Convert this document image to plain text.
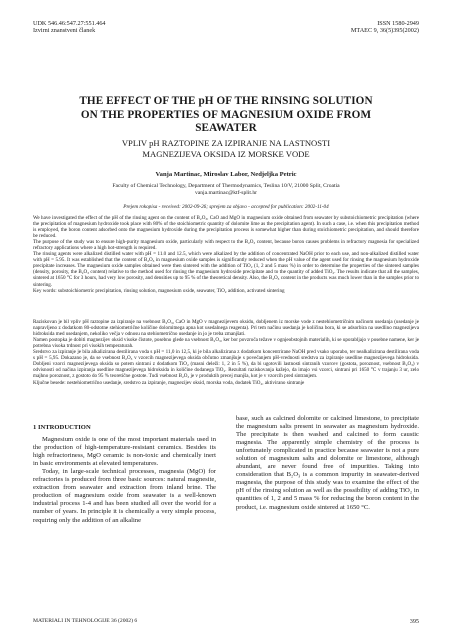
UDK 546.46:547.27:551.464
Izvirni znanstveni članek
ISSN 1580-2949
MTAEC 9, 36(5)395(2002)
THE EFFECT OF THE pH OF THE RINSING SOLUTION
ON THE PROPERTIES OF MAGNESIUM OXIDE FROM
SEAWATER
VPLIV pH RAZTOPINE ZA IZPIRANJE NA LASTNOSTI
MAGNEZIJEVA OKSIDA IZ MORSKE VODE
Vanja Martinac, Miroslav Labor, Nedjeljka Petric
Faculty of Chemical Technology, Department of Thermodynamics, Teslina 10/V, 21000 Split, Croatia
vanja.martinac@ktf-split.hr
Prejem rokopisa - received: 2002-09-26; sprejem za objavo - accepted for publication: 2002-11-04

We have investigated the effect of the pH of the rinsing agent on the content of B₂O₃, CaO and MgO in magnesium oxide obtained from seawater by substoichiometric precipitation (where the precipitation of magnesium hydroxide took place with 80% of the stoichiometric quantity of dolomite lime as the precipitation agent). In such a case, i.e. when this precipitation method is employed, the boron content adsorbed onto the magnesium hydroxide during the precipitation process is somewhat higher than during stoichiometric precipitation, and should therefore be reduced.

The purpose of the study was to ensure high-purity magnesium oxide, particularly with respect to the B₂O₃ content, because boron causes problems in refractory magnesia for specialized refractory applications where a high hot-strength is required.

The rinsing agents were alkalized distilled water with pH = 11.0 and 12.5, which were alkalized by the addition of concentrated NaOH prior to each use, and non-alkalized distilled water with pH = 5.95. It was established that the content of B₂O₃ in magnesium oxide samples is significantly reduced when the pH value of the agent used for rinsing the magnesium hydroxide precipitate increases. The magnesium oxide samples obtained were then sintered with the addition of TiO₂ (1, 2 and 5 mass %) in order to determine the properties of the sintered samples (density, porosity, the B₂O₃ content) relative to the method used for rinsing the magnesium hydroxide precipitate and to the quantity of added TiO₂. The results indicate that all the samples, sintered at 1650 °C for 3 hours, had very low porosity, and densities up to 95 % of the theoretical density. Also, the B₂O₃ content in the products was much lower than in the samples prior to sintering.

Key words: substoichiometric precipitation, rinsing solution, magnesium oxide, seawater, TiO₂ addition, activated sintering

Raziskovan je bil vpliv pH raztopine za izpiranje na vsebnost B₂O₃, CaO in MgO v magnezijevem oksidu, dobljenem iz morske vode z nestehiometričnim načinom usedanja (usedanje je napravljeno z dodatkom 80-odstotne stehiometrične količine dolomitnega apna kot usedalnega reagenta). Pri tem načinu usedanja je količina bora, ki se adsorbira na usedlino magnezijeva hidroksida med usedanjem, nekoliko večja v odnosu na stehiometrično usedanje in jo je treba zmanjšati.

Namen postopka je dobiti magnezijev oksid visoke čistote, posebno glede na vsebnost B₂O₃, ker bor povzroča težave v ognjeobstojnih materialih, ki se uporabljajo v posebne namene, ker je potrebna visoka trdnost pri visokih temperaturah.

Sredstvo za izpiranje je bila alkalizirana destilirana voda s pH = 11,0 in 12,5, ki je bila alkalizirana z dodatkom koncentrirane NaOH pred vsako uporabo, ter nealkalizirana destilirana voda s pH = 5,95. Dokazano je, da se vsebnost B₂O₃ v vzorcih magnezijevega oksida občutno zmanjšuje s povečanjem pH-vrednosti sredstva za izpiranje usedline magnezijevega hidroksida. Dobljeni vzorci magnezijevega oksida so potem sintrani z dodatkom TiO₂ (masni deleži: 1, 2 in 5 %), da bi ugotovili lastnosti sintranih vzorcev (gostota, poroznost, vsebnost B₂O₃) v odvisnosti od načina izpiranja usedline magnezijevega hidroksida in količine dodanega TiO₂. Rezultati raziskovanja kažejo, da imajo vsi vzorci, sintrani pri 1650 °C v trajanju 3 ur, zelo majhno poroznost, z gostoto do 95 % teoretične gostote. Tudi vsebnost B₂O₃ je v produktih precej manjša, kot je v vzorcih pred sintranjem.

Ključne besede: nestehiometrično usedanje, sredstvo za izpiranje, magnezijev oksid, morska voda, dodatek TiO₂, aktivirano sintranje

1 INTRODUCTION

Magnesium oxide is one of the most important materials used in the production of high-temperature-resistant ceramics. Besides its high refractoriness, MgO ceramic is non-toxic and chemically inert in basic environments at elevated temperatures.

Today, in large-scale technical processes, magnesia (MgO) for refractories is produced from three basic sources: natural magnesite, extraction from seawater and extraction from inland brine. The production of magnesium oxide from seawater is a well-known industrial process 1-4 and has been studied all over the world for a number of years. In principle it is chemically a very simple process, requiring only the addition of an alkaline

base, such as calcined dolomite or calcined limestone, to precipitate the magnesium salts present in seawater as magnesium hydroxide. The precipitate is then washed and calcined to form caustic magnesia. The apparently simple chemistry of the process is unfortunately complicated in practice because seawater is not a pure solution of magnesium salts and dolomite or limestone, although abundant, are never found free of impurities. Taking into consideration that B₂O₃ is a common impurity in seawater-derived magnesia, the purpose of this study was to examine the effect of the pH of the rinsing solution as well as the possibility of adding TiO₂ in quantities of 1, 2 and 5 mass % for reducing the boron content in the product, i.e. magnesium oxide sintered at 1650 °C.

MATERIALI IN TEHNOLOGIJE 36 (2002) 6	395
